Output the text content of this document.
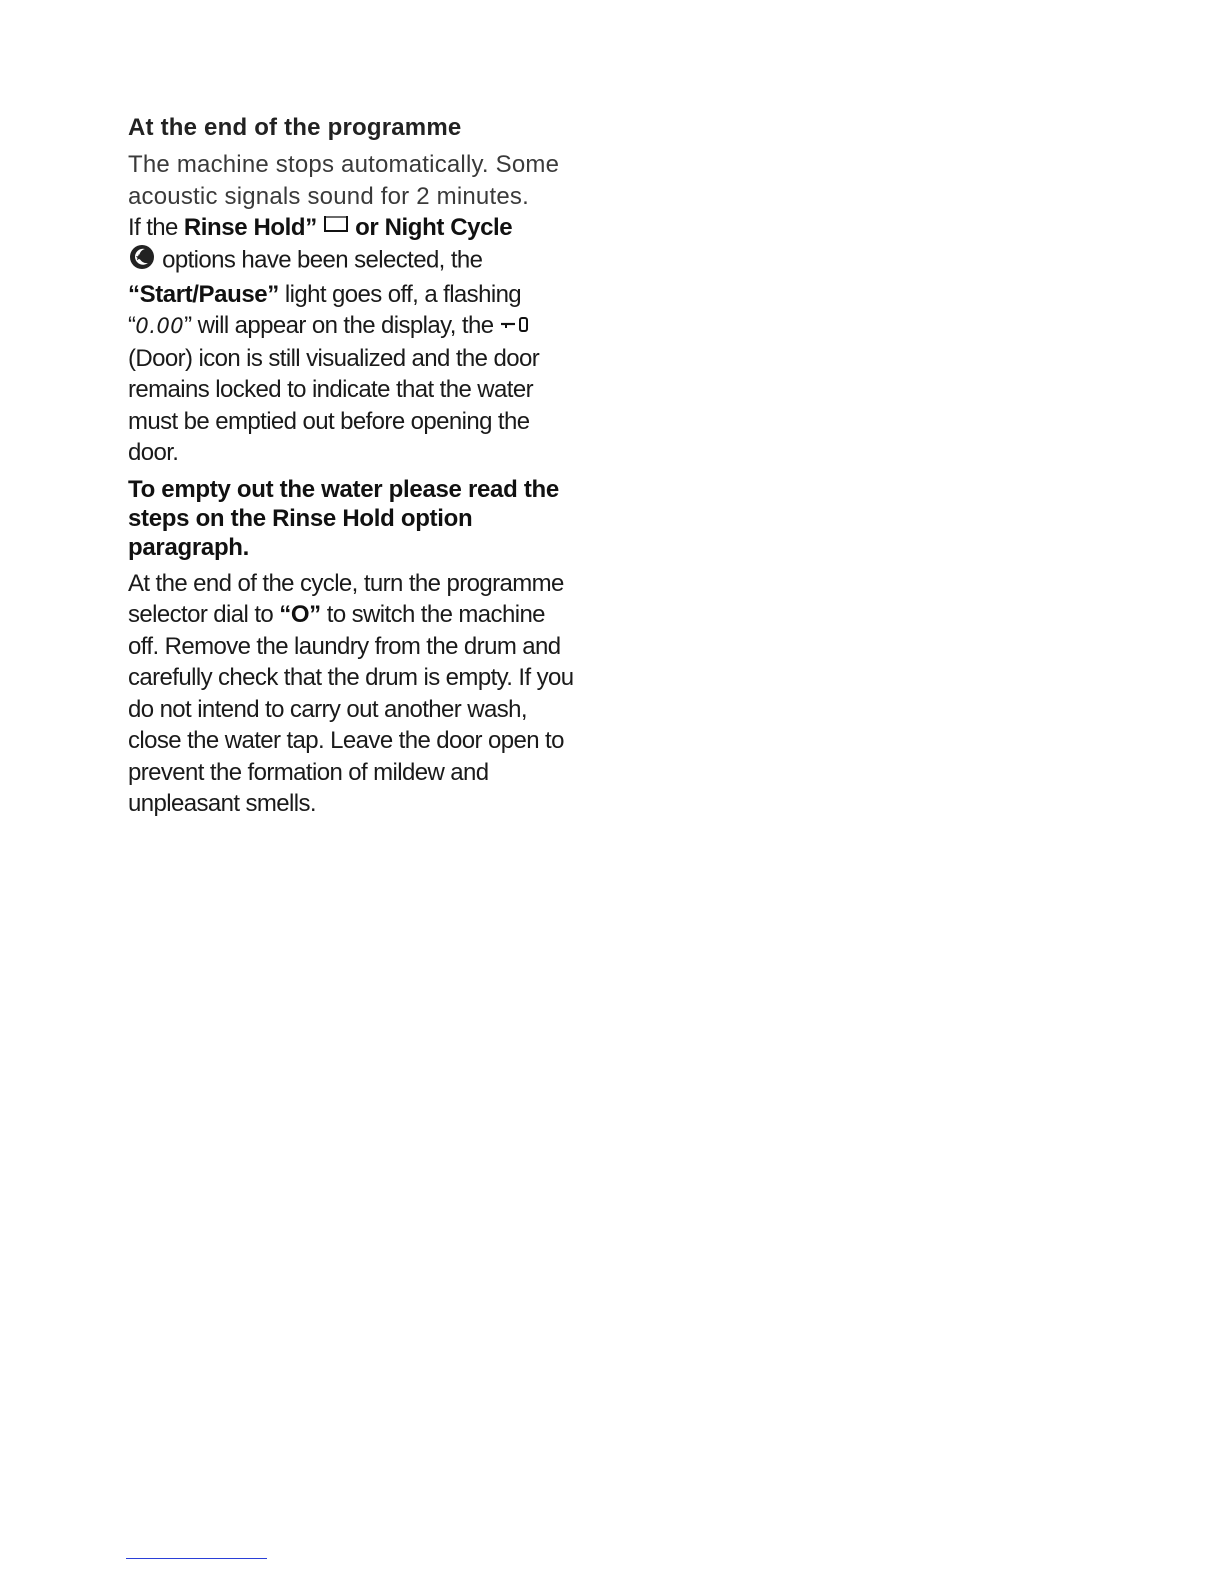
At the end of the programme

The machine stops automatically. Some acoustic signals sound for 2 minutes.

If the Rinse Hold”  or Night Cycle
options have been selected, the “Start/Pause” light goes off, a flashing “0.00” will appear on the display, the  (Door) icon is still visualized and the door remains locked to indicate that the water must be emptied out before opening the door.

To empty out the water please read the steps on the Rinse Hold option paragraph.

At the end of the cycle, turn the programme selector dial to “O” to switch the machine off. Remove the laundry from the drum and carefully check that the drum is empty. If you do not intend to carry out another wash, close the water tap. Leave the door open to prevent the formation of mildew and unpleasant smells.
